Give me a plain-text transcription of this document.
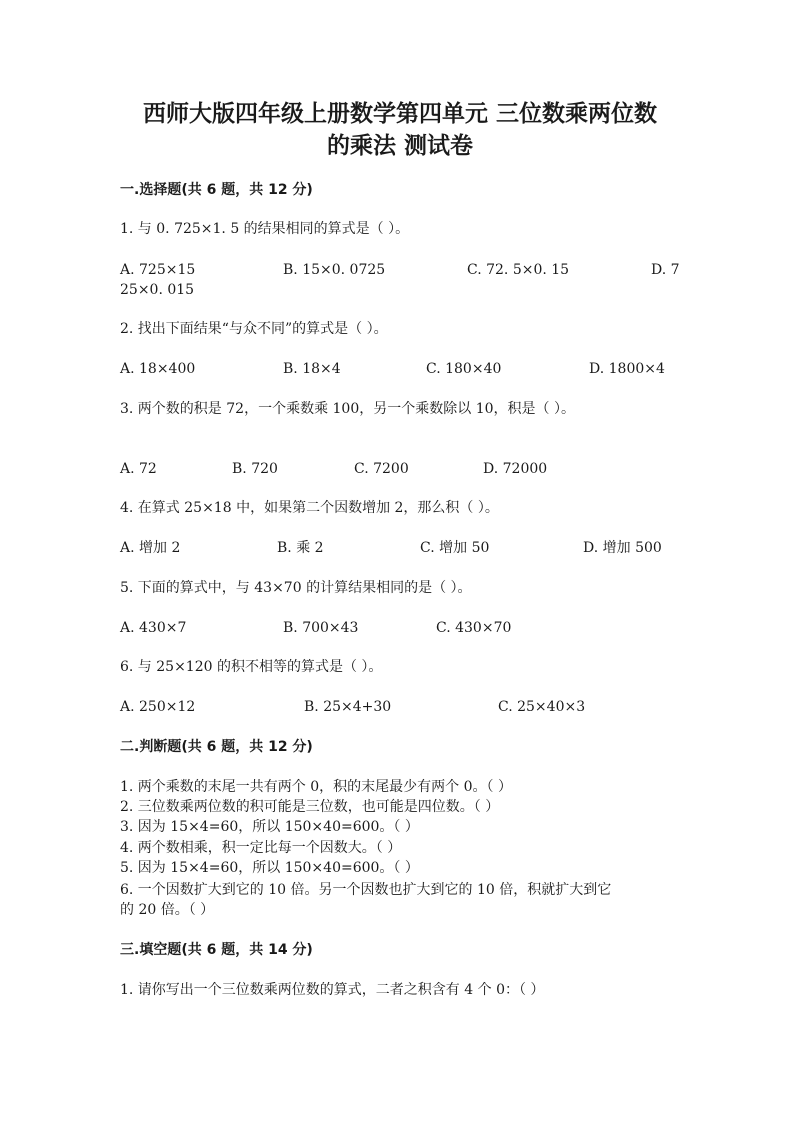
西师大版四年级上册数学第四单元 三位数乘两位数
的乘法 测试卷
一.选择题(共 6 题，共 12 分)
1. 与 0. 725×1. 5 的结果相同的算式是（ ）。
A. 725×15	B. 15×0. 0725	C. 72. 5×0. 15	D. 7
25×0. 015
2. 找出下面结果“与众不同”的算式是（ ）。
A. 18×400	B. 18×4	C. 180×40	D. 1800×4
3. 两个数的积是 72，一个乘数乘 100，另一个乘数除以 10，积是（ ）。
A. 72	B. 720	C. 7200	D. 72000
4. 在算式 25×18 中，如果第二个因数增加 2，那么积（ ）。
A. 增加 2	B. 乘 2	C. 增加 50	D. 增加 500
5. 下面的算式中，与 43×70 的计算结果相同的是（ ）。
A. 430×7	B. 700×43	C. 430×70
6. 与 25×120 的积不相等的算式是（ ）。
A. 250×12	B. 25×4+30	C. 25×40×3
二.判断题(共 6 题，共 12 分)
1. 两个乘数的末尾一共有两个 0，积的末尾最少有两个 0。（ ）
2. 三位数乘两位数的积可能是三位数，也可能是四位数。（ ）
3. 因为 15×4=60，所以 150×40=600。（ ）
4. 两个数相乘，积一定比每一个因数大。（ ）
5. 因为 15×4=60，所以 150×40=600。（ ）
6. 一个因数扩大到它的 10 倍。另一个因数也扩大到它的 10 倍，积就扩大到它
的 20 倍。（ ）
三.填空题(共 6 题，共 14 分)
1. 请你写出一个三位数乘两位数的算式，二者之积含有 4 个 0：（ ）
